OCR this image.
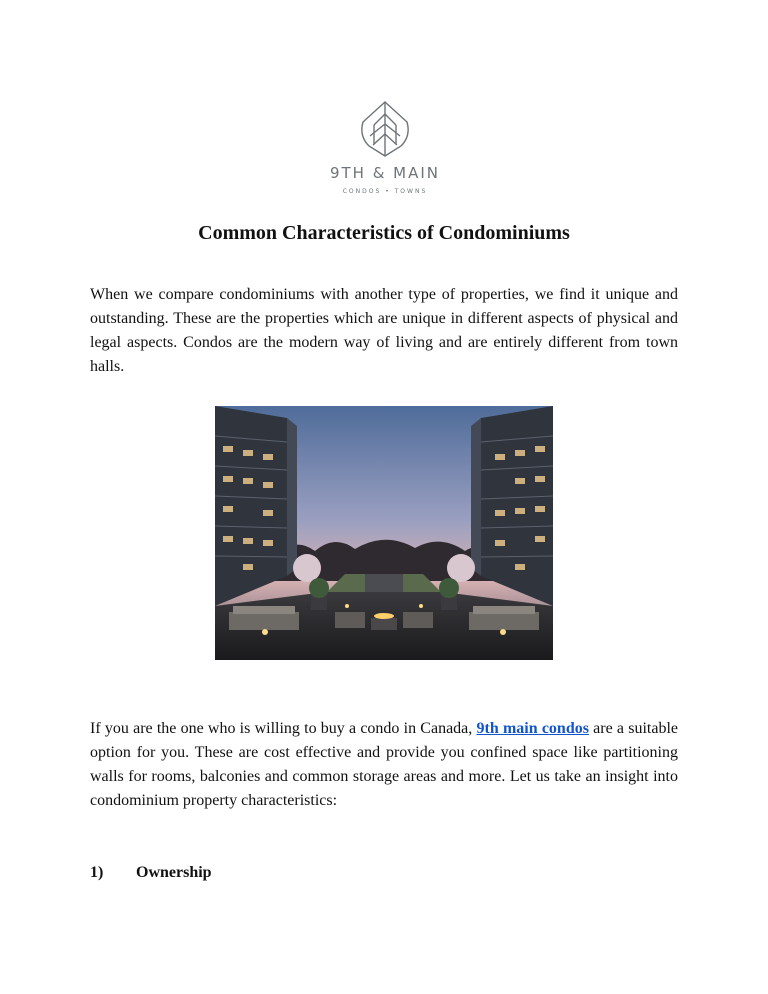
9TH & MAIN
CONDOS • TOWNS
Common Characteristics of Condominiums

When we compare condominiums with another type of properties, we find it unique and outstanding. These are the properties which are unique in different aspects of physical and legal aspects. Condos are the modern way of living and are entirely different from town halls.

If you are the one who is willing to buy a condo in Canada, 9th main condos are a suitable option for you. These are cost effective and provide you confined space like partitioning walls for rooms, balconies and common storage areas and more. Let us take an insight into condominium property characteristics:

1) Ownership
